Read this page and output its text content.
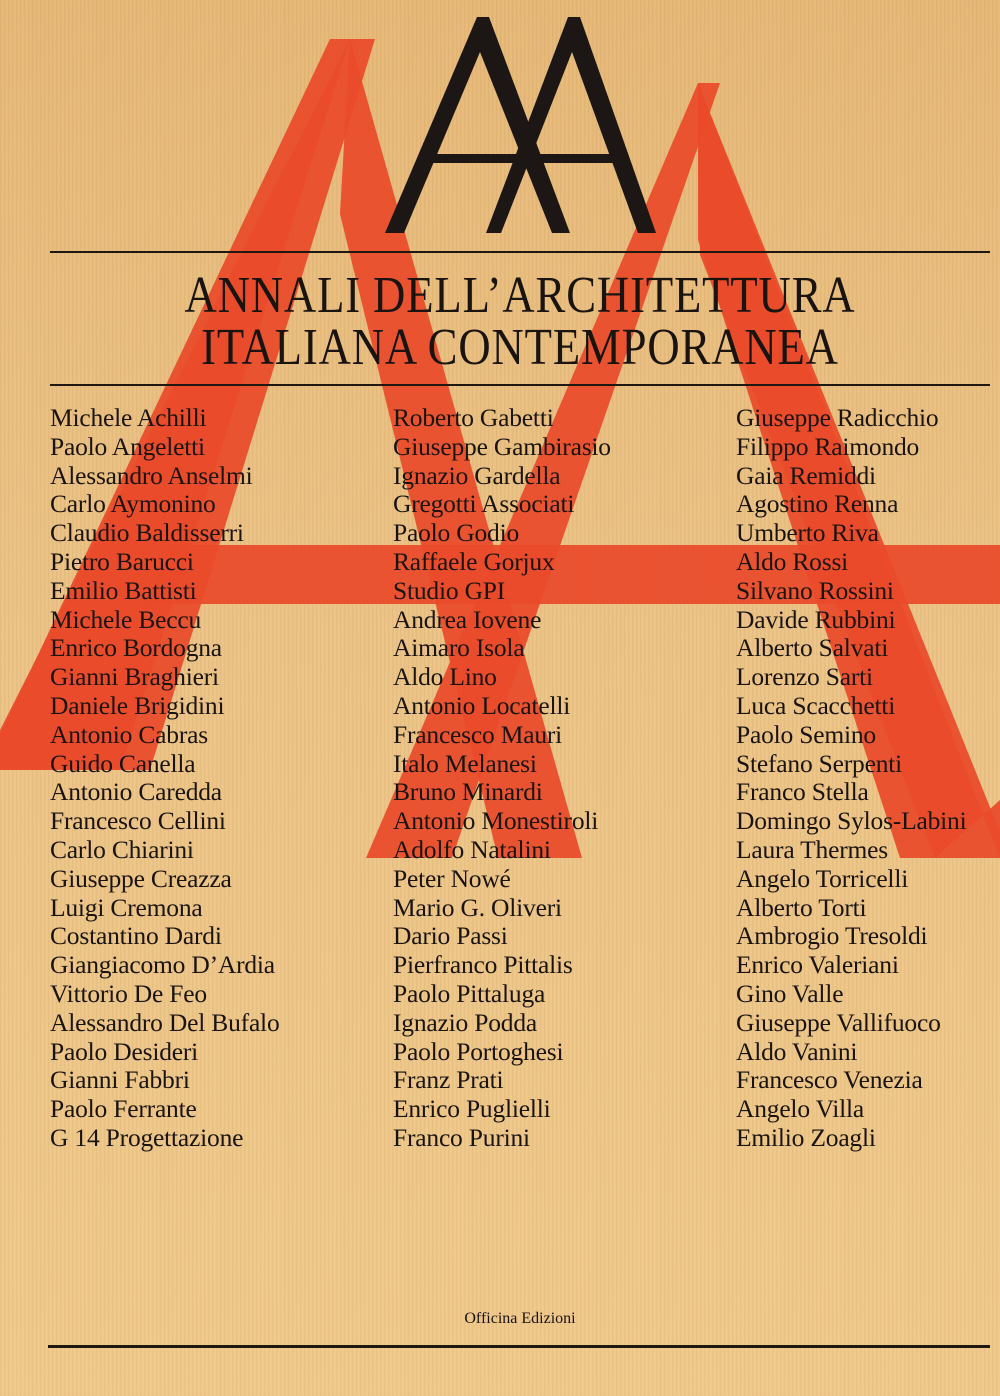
ANNALI DELL’ARCHITETTURA
ITALIANA CONTEMPORANEA
Michele Achilli
Paolo Angeletti
Alessandro Anselmi
Carlo Aymonino
Claudio Baldisserri
Pietro Barucci
Emilio Battisti
Michele Beccu
Enrico Bordogna
Gianni Braghieri
Daniele Brigidini
Antonio Cabras
Guido Canella
Antonio Caredda
Francesco Cellini
Carlo Chiarini
Giuseppe Creazza
Luigi Cremona
Costantino Dardi
Giangiacomo D’Ardia
Vittorio De Feo
Alessandro Del Bufalo
Paolo Desideri
Gianni Fabbri
Paolo Ferrante
G 14 Progettazione
Roberto Gabetti
Giuseppe Gambirasio
Ignazio Gardella
Gregotti Associati
Paolo Godio
Raffaele Gorjux
Studio GPI
Andrea Iovene
Aimaro Isola
Aldo Lino
Antonio Locatelli
Francesco Mauri
Italo Melanesi
Bruno Minardi
Antonio Monestiroli
Adolfo Natalini
Peter Nowé
Mario G. Oliveri
Dario Passi
Pierfranco Pittalis
Paolo Pittaluga
Ignazio Podda
Paolo Portoghesi
Franz Prati
Enrico Puglielli
Franco Purini
Giuseppe Radicchio
Filippo Raimondo
Gaia Remiddi
Agostino Renna
Umberto Riva
Aldo Rossi
Silvano Rossini
Davide Rubbini
Alberto Salvati
Lorenzo Sarti
Luca Scacchetti
Paolo Semino
Stefano Serpenti
Franco Stella
Domingo Sylos-Labini
Laura Thermes
Angelo Torricelli
Alberto Torti
Ambrogio Tresoldi
Enrico Valeriani
Gino Valle
Giuseppe Vallifuoco
Aldo Vanini
Francesco Venezia
Angelo Villa
Emilio Zoagli
Officina Edizioni
